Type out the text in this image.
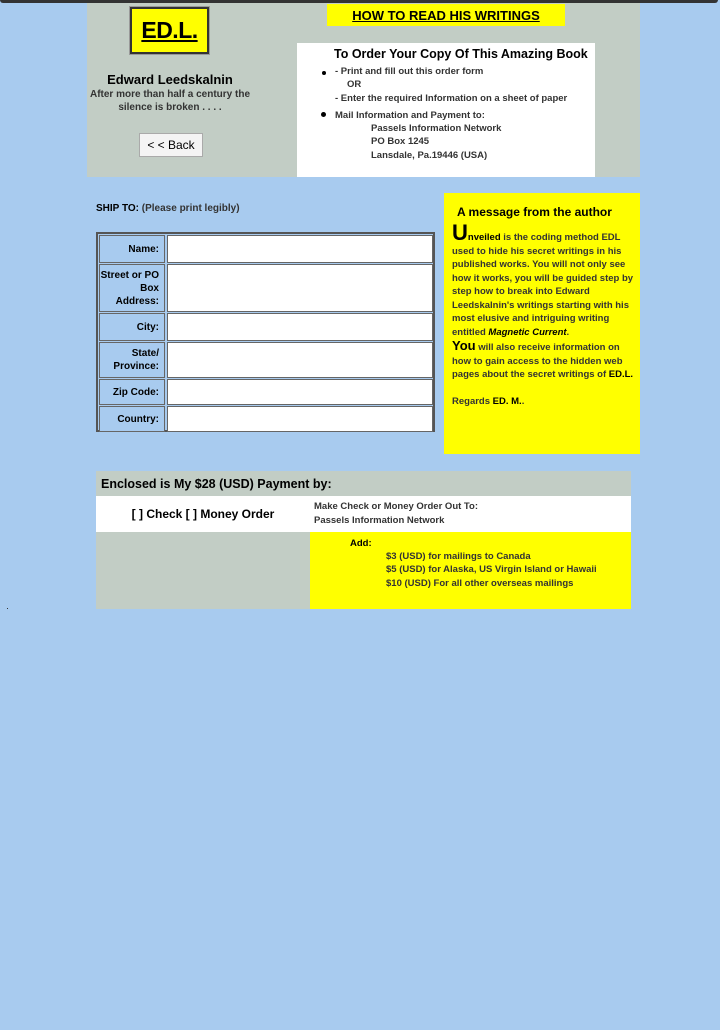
ED.L.
Edward Leedskalnin
After more than half a century the
silence is broken . . . .
< < Back
HOW TO READ HIS WRITINGS
To Order Your Copy Of This Amazing Book
- Print and fill out this order form
OR
- Enter the required Information on a sheet of paper
Mail Information and Payment to:
Passels Information Network
PO Box 1245
Lansdale, Pa.19446 (USA)
SHIP TO: (Please print legibly)
Name:
Street or PO Box Address:
City:
State/ Province:
Zip Code:
Country:
A message from the author
Unveiled is the coding method EDL used to hide his secret writings in his published works. You will not only see how it works, you will be guided step by step how to break into Edward Leedskalnin's writings starting with his most elusive and intriguing writing entitled Magnetic Current.
You will also receive information on how to gain access to the hidden web pages about the secret writings of ED.L.

Regards ED. M..
Enclosed is My $28 (USD) Payment by:
[ ] Check [ ] Money Order
Make Check or Money Order Out To:
Passels Information Network
Add:
$3 (USD) for mailings to Canada
$5 (USD) for Alaska, US Virgin Island or Hawaii
$10 (USD) For all other overseas mailings
